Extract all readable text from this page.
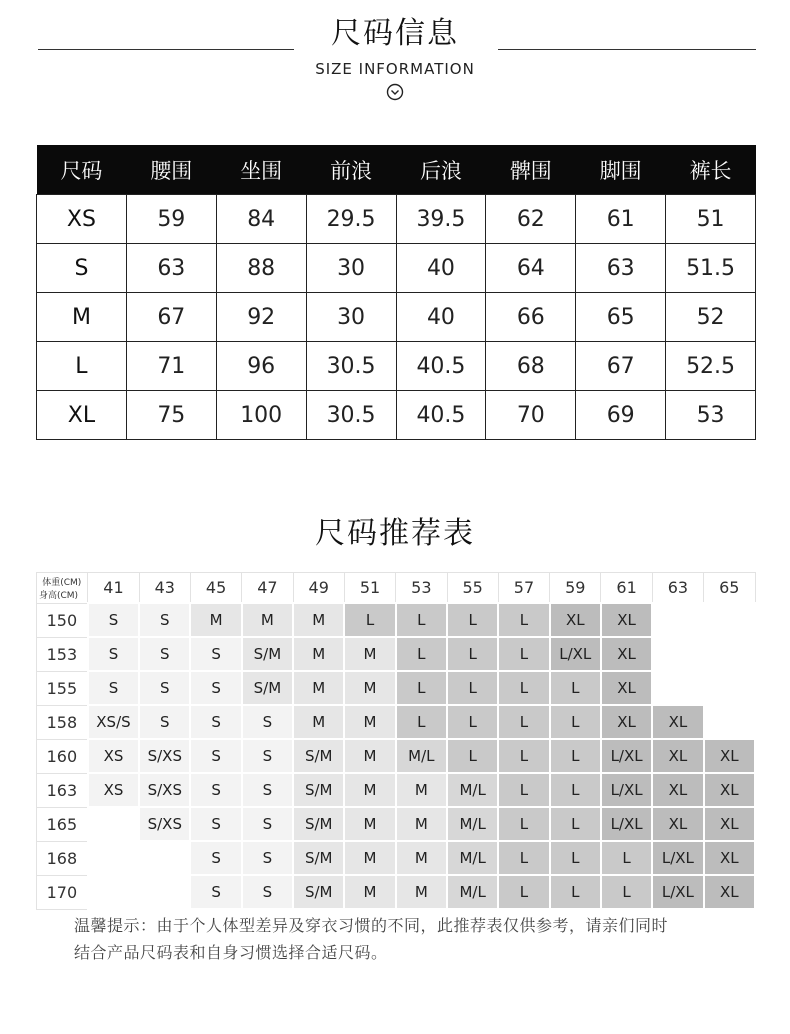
尺码信息
SIZE INFORMATION
尺码	腰围	坐围	前浪	后浪	髀围	脚围	裤长
XS	59	84	29.5	39.5	62	61	51
S	63	88	30	40	64	63	51.5
M	67	92	30	40	66	65	52
L	71	96	30.5	40.5	68	67	52.5
XL	75	100	30.5	40.5	70	69	53
尺码推荐表
体重(CM)
身高(CM)	41	43	45	47	49	51	53	55	57	59	61	63	65
150	S	S	M	M	M	L	L	L	L	XL	XL		
153	S	S	S	S/M	M	M	L	L	L	L/XL	XL		
155	S	S	S	S/M	M	M	L	L	L	L	XL		
158	XS/S	S	S	S	M	M	L	L	L	L	XL	XL	
160	XS	S/XS	S	S	S/M	M	M/L	L	L	L	L/XL	XL	XL
163	XS	S/XS	S	S	S/M	M	M	M/L	L	L	L/XL	XL	XL
165		S/XS	S	S	S/M	M	M	M/L	L	L	L/XL	XL	XL
168			S	S	S/M	M	M	M/L	L	L	L	L/XL	XL
170			S	S	S/M	M	M	M/L	L	L	L	L/XL	XL
温馨提示：由于个人体型差异及穿衣习惯的不同，此推荐表仅供参考，请亲们同时
结合产品尺码表和自身习惯选择合适尺码。
